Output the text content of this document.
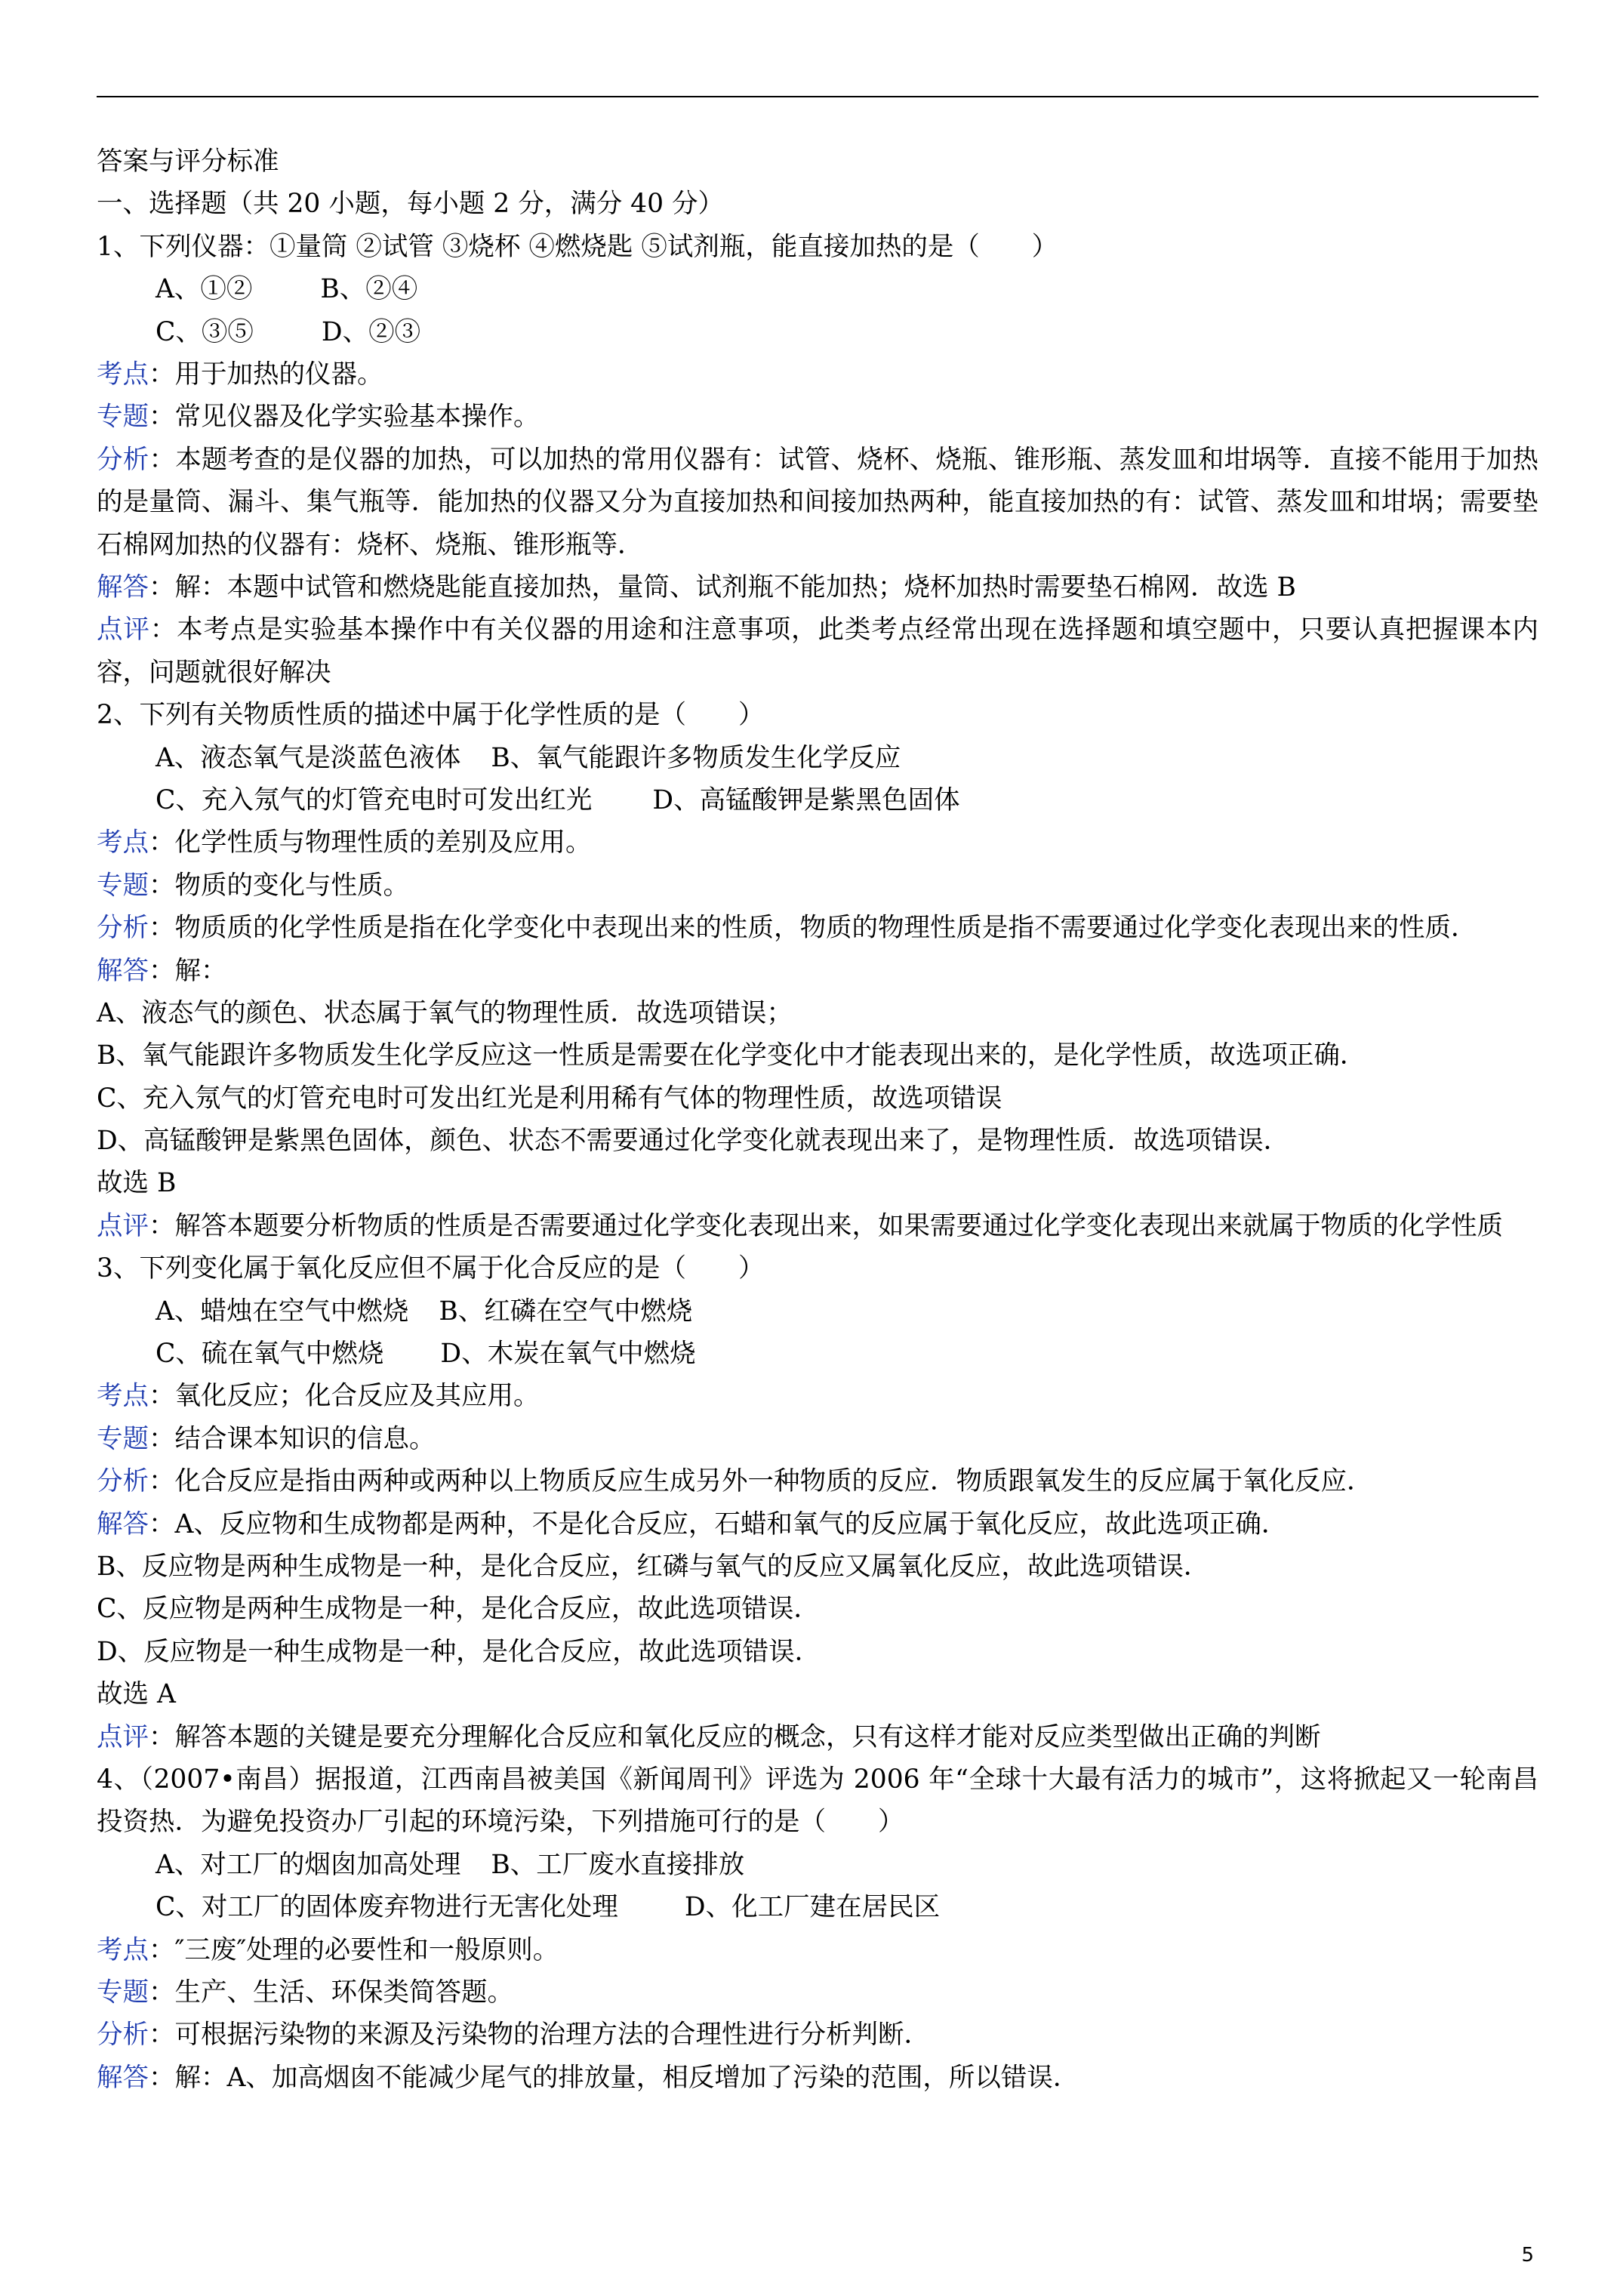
答案与评分标准
一、选择题（共 20 小题，每小题 2 分，满分 40 分）
1、下列仪器：①量筒 ②试管 ③烧杯 ④燃烧匙 ⑤试剂瓶，能直接加热的是（　　）
A、①②	B、②④
C、③⑤	D、②③
考点：用于加热的仪器。
专题：常见仪器及化学实验基本操作。
分析：本题考查的是仪器的加热，可以加热的常用仪器有：试管、烧杯、烧瓶、锥形瓶、蒸发皿和坩埚等．直接不能用于加热的是量筒、漏斗、集气瓶等．能加热的仪器又分为直接加热和间接加热两种，能直接加热的有：试管、蒸发皿和坩埚；需要垫石棉网加热的仪器有：烧杯、烧瓶、锥形瓶等．
解答：解：本题中试管和燃烧匙能直接加热，量筒、试剂瓶不能加热；烧杯加热时需要垫石棉网．故选 B
点评：本考点是实验基本操作中有关仪器的用途和注意事项，此类考点经常出现在选择题和填空题中，只要认真把握课本内容，问题就很好解决
2、下列有关物质性质的描述中属于化学性质的是（　　）
A、液态氧气是淡蓝色液体 B、氧气能跟许多物质发生化学反应
C、充入氖气的灯管充电时可发出红光 D、高锰酸钾是紫黑色固体
考点：化学性质与物理性质的差别及应用。
专题：物质的变化与性质。
分析：物质质的化学性质是指在化学变化中表现出来的性质，物质的物理性质是指不需要通过化学变化表现出来的性质．
解答：解：
A、液态气的颜色、状态属于氧气的物理性质．故选项错误；
B、氧气能跟许多物质发生化学反应这一性质是需要在化学变化中才能表现出来的，是化学性质，故选项正确．
C、充入氖气的灯管充电时可发出红光是利用稀有气体的物理性质，故选项错误
D、高锰酸钾是紫黑色固体，颜色、状态不需要通过化学变化就表现出来了，是物理性质．故选项错误．
故选 B
点评：解答本题要分析物质的性质是否需要通过化学变化表现出来，如果需要通过化学变化表现出来就属于物质的化学性质
3、下列变化属于氧化反应但不属于化合反应的是（　　）
A、蜡烛在空气中燃烧 B、红磷在空气中燃烧
C、硫在氧气中燃烧 D、木炭在氧气中燃烧
考点：氧化反应；化合反应及其应用。
专题：结合课本知识的信息。
分析：化合反应是指由两种或两种以上物质反应生成另外一种物质的反应．物质跟氧发生的反应属于氧化反应．
解答：A、反应物和生成物都是两种，不是化合反应，石蜡和氧气的反应属于氧化反应，故此选项正确．
B、反应物是两种生成物是一种，是化合反应，红磷与氧气的反应又属氧化反应，故此选项错误．
C、反应物是两种生成物是一种，是化合反应，故此选项错误．
D、反应物是一种生成物是一种，是化合反应，故此选项错误．
故选 A
点评：解答本题的关键是要充分理解化合反应和氧化反应的概念，只有这样才能对反应类型做出正确的判断
4、（2007•南昌）据报道，江西南昌被美国《新闻周刊》评选为 2006 年“全球十大最有活力的城市”，这将掀起又一轮南昌投资热．为避免投资办厂引起的环境污染，下列措施可行的是（　　）
A、对工厂的烟囱加高处理 B、工厂废水直接排放
C、对工厂的固体废弃物进行无害化处理	D、化工厂建在居民区
考点：″三废″处理的必要性和一般原则。
专题：生产、生活、环保类简答题。
分析：可根据污染物的来源及污染物的治理方法的合理性进行分析判断．
解答：解：A、加高烟囱不能减少尾气的排放量，相反增加了污染的范围，所以错误．
5
